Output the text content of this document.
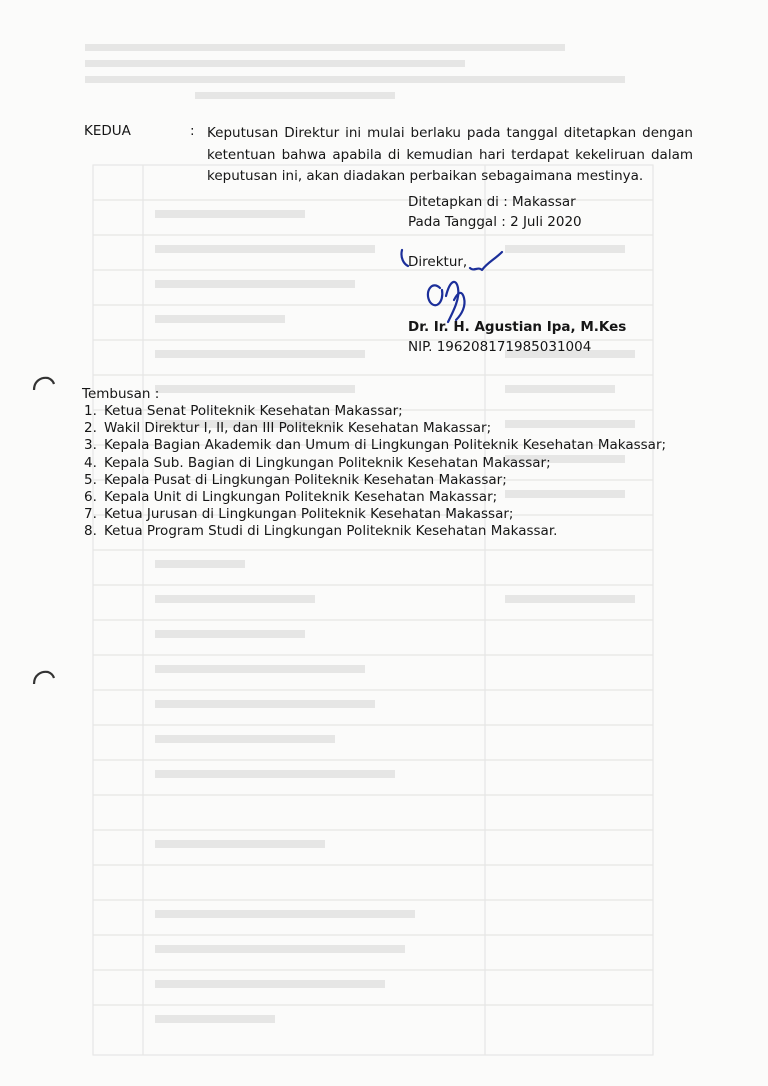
KEDUA	: Keputusan Direktur ini mulai berlaku pada tanggal ditetapkan dengan ketentuan bahwa apabila di kemudian hari terdapat kekeliruan dalam keputusan ini, akan diadakan perbaikan sebagaimana mestinya.
Ditetapkan di : Makassar
Pada Tanggal : 2 Juli 2020
Direktur,
Dr. Ir. H. Agustian Ipa, M.Kes
NIP. 196208171985031004
Tembusan :
1. Ketua Senat Politeknik Kesehatan Makassar;
2. Wakil Direktur I, II, dan III Politeknik Kesehatan Makassar;
3. Kepala Bagian Akademik dan Umum di Lingkungan Politeknik Kesehatan Makassar;
4. Kepala Sub. Bagian di Lingkungan Politeknik Kesehatan Makassar;
5. Kepala Pusat di Lingkungan Politeknik Kesehatan Makassar;
6. Kepala Unit di Lingkungan Politeknik Kesehatan Makassar;
7. Ketua Jurusan di Lingkungan Politeknik Kesehatan Makassar;
8. Ketua Program Studi di Lingkungan Politeknik Kesehatan Makassar.
